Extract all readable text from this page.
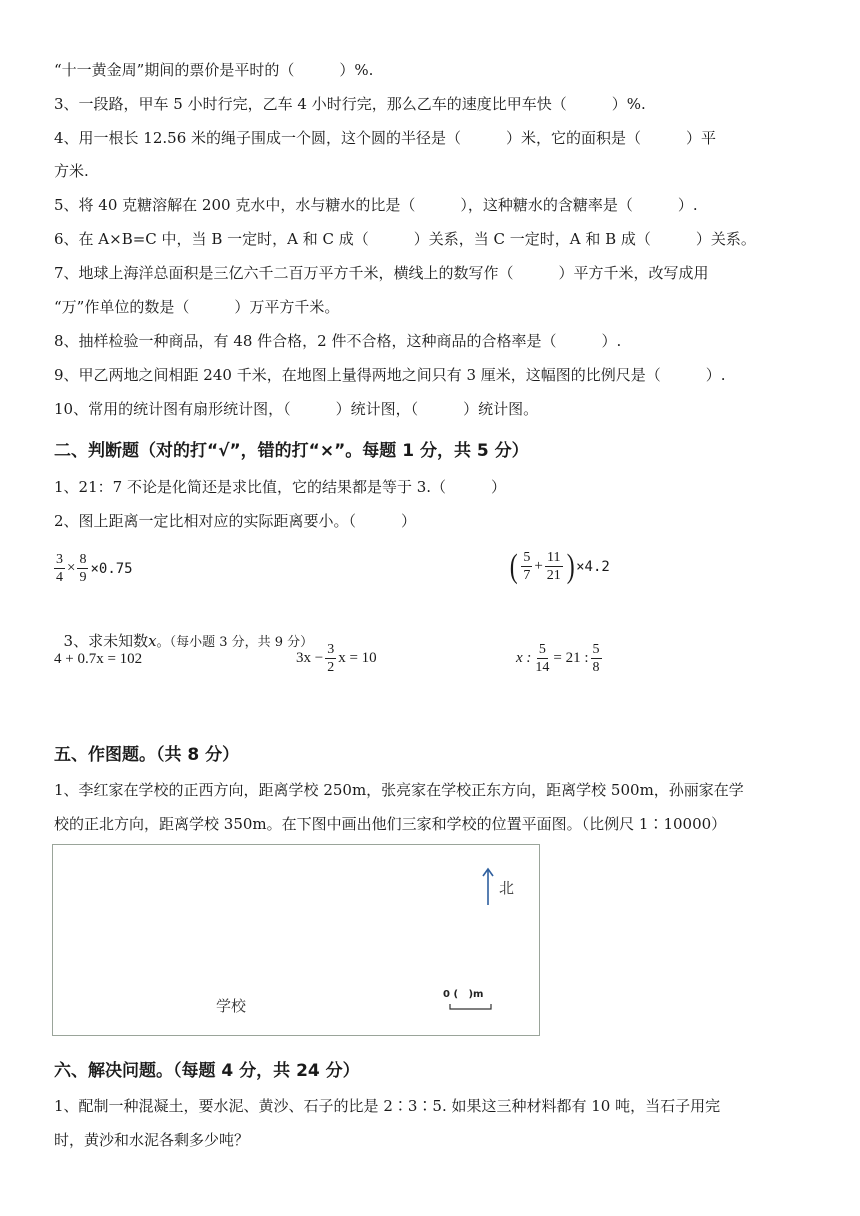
“十一黄金周”期间的票价是平时的（　　　）%.
3、一段路，甲车 5 小时行完，乙车 4 小时行完，那么乙车的速度比甲车快（　　　）%.
4、用一根长 12.56 米的绳子围成一个圆，这个圆的半径是（　　　）米，它的面积是（　　　）平
方米.
5、将 40 克糖溶解在 200 克水中，水与糖水的比是（　　　），这种糖水的含糖率是（　　　）.
6、在 A×B=C 中，当 B 一定时，A 和 C 成（　　　）关系，当 C 一定时，A 和 B 成（　　　）关系。
7、地球上海洋总面积是三亿六千二百万平方千米，横线上的数写作（　　　）平方千米，改写成用
“万”作单位的数是（　　　）万平方千米。
8、抽样检验一种商品，有 48 件合格，2 件不合格，这种商品的合格率是（　　　）.
9、甲乙两地之间相距 240 千米，在地图上量得两地之间只有 3 厘米，这幅图的比例尺是（　　　）.
10、常用的统计图有扇形统计图，（　　　）统计图，（　　　）统计图。
二、判断题（对的打“√”，错的打“×”。每题 1 分，共 5 分）
1、21：7 不论是化简还是求比值，它的结果都是等于 3.（　　　）
2、图上距离一定比相对应的实际距离要小。（　　　）
$\frac{3}{4} \times \frac{8}{9} \times 0.75$	( $\frac{5}{7} + \frac{11}{21}$ ) ×4.2

3、求未知数x。（每小题 3 分，共 9 分）

4 + 0.7x = 102	$3x - \frac{3}{2}$ x = 10	x : $\frac{5}{14} = 21$ : $\frac{5}{8}$
五、作图题。（共 8 分）
1、李红家在学校的正西方向，距离学校 250m，张亮家在学校正东方向，距离学校 500m，孙丽家在学
校的正北方向，距离学校 350m。在下图中画出他们三家和学校的位置平面图。（比例尺 1∶10000）
北
学校
0 (   )m
六、解决问题。（每题 4 分，共 24 分）
1、配制一种混凝土，要水泥、黄沙、石子的比是 2∶3∶5. 如果这三种材料都有 10 吨，当石子用完
时，黄沙和水泥各剩多少吨？
